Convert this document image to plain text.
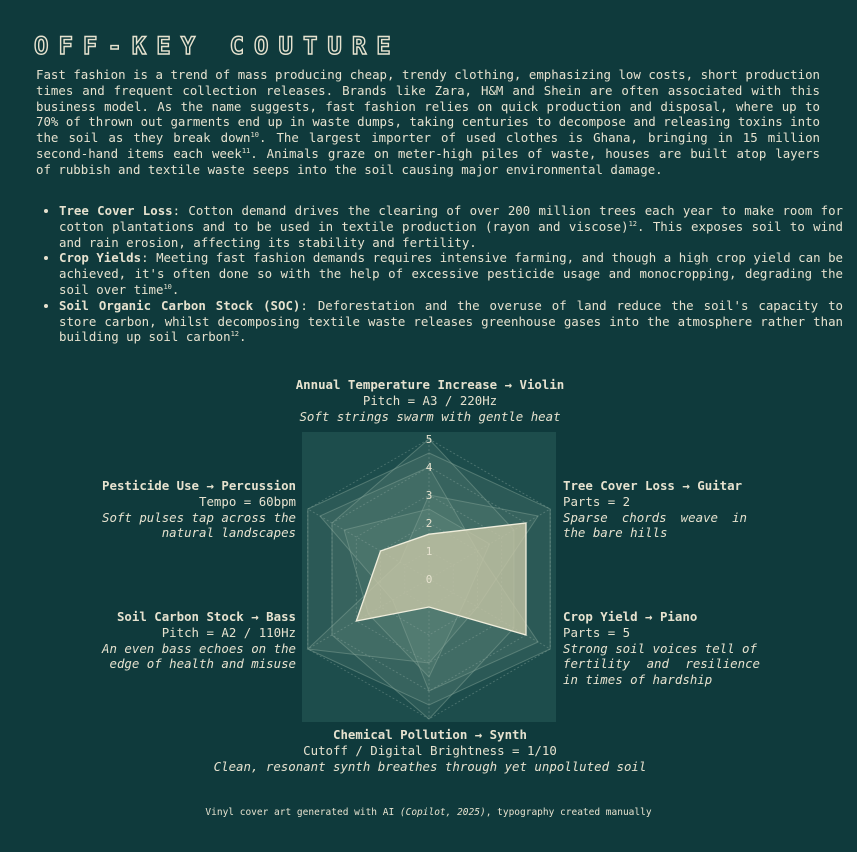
OFF-KEY COUTURE

Fast fashion is a trend of mass producing cheap, trendy clothing, emphasizing low costs, short production times and frequent collection releases. Brands like Zara, H&M and Shein are often associated with this business model. As the name suggests, fast fashion relies on quick production and disposal, where up to 70% of thrown out garments end up in waste dumps, taking centuries to decompose and releasing toxins into the soil as they break down$^{10}$. The largest importer of used clothes is Ghana, bringing in 15 million second-hand items each week$^{11}$. Animals graze on meter-high piles of waste, houses are built atop layers of rubbish and textile waste seeps into the soil causing major environmental damage.

• Tree Cover Loss: Cotton demand drives the clearing of over 200 million trees each year to make room for cotton plantations and to be used in textile production (rayon and viscose)$^{12}$. This exposes soil to wind and rain erosion, affecting its stability and fertility.
• Crop Yields: Meeting fast fashion demands requires intensive farming, and though a high crop yield can be achieved, it's often done so with the help of excessive pesticide usage and monocropping, degrading the soil over time$^{10}$.
• Soil Organic Carbon Stock (SOC): Deforestation and the overuse of land reduce the soil's capacity to store carbon, whilst decomposing textile waste releases greenhouse gases into the atmosphere rather than building up soil carbon$^{12}$.
Annual Temperature Increase → Violin
Pitch = A3 / 220Hz
Soft strings swarm with gentle heat
Pesticide Use → Percussion
Tempo = 60bpm
Soft pulses tap across the
natural landscapes
Tree Cover Loss → Guitar
Parts = 2
Sparse chords weave in
the bare hills
Soil Carbon Stock → Bass
Pitch = A2 / 110Hz
An even bass echoes on the
edge of health and misuse
Crop Yield → Piano
Parts = 5
Strong soil voices tell of
fertility and resilience
in times of hardship
Chemical Pollution → Synth
Cutoff / Digital Brightness = 1/10
Clean, resonant synth breathes through yet unpolluted soil
0
1
2
3
4
5
Vinyl cover art generated with AI (Copilot, 2025), typography created manually
